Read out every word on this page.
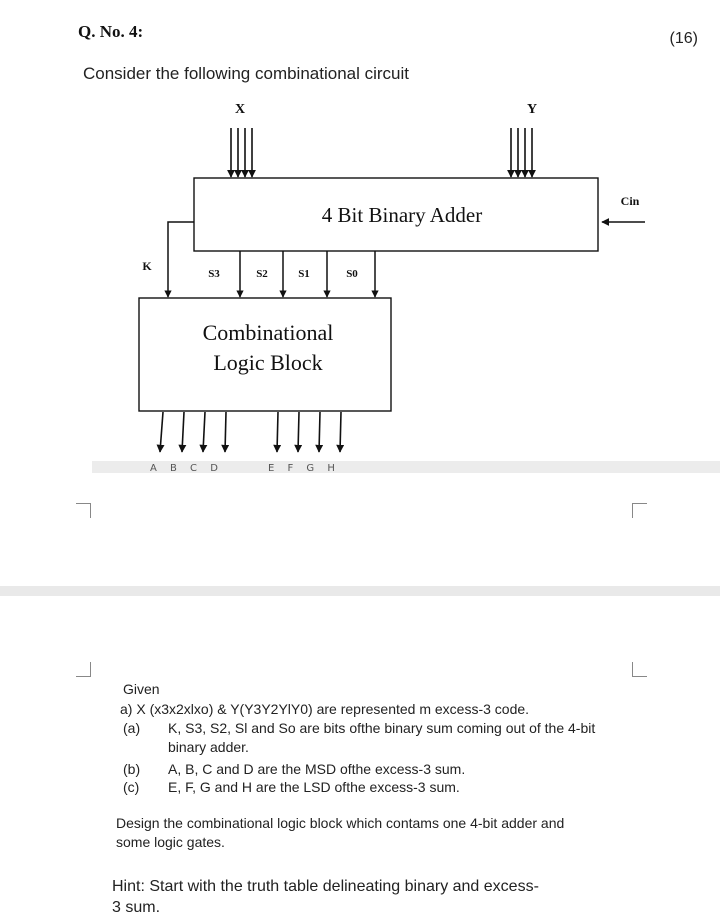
Q. No. 4:	(16)
Consider the following combinational circuit
X	Y
4 Bit Binary Adder
Cin
K
S3	S2	S1	S0
Combinational
Logic Block
A B C D	E F G H
Given
a) X (x3x2xlxo) & Y(Y3Y2YlY0) are represented m excess-3 code.
(a) K, S3, S2, Sl and So are bits ofthe binary sum coming out of the 4-bit
binary adder.
(b) A, B, C and D are the MSD ofthe excess-3 sum.
(c) E, F, G and H are the LSD ofthe excess-3 sum.
Design the combinational logic block which contams one 4-bit adder and
some logic gates.
Hint: Start with the truth table delineating binary and excess-
3 sum.
